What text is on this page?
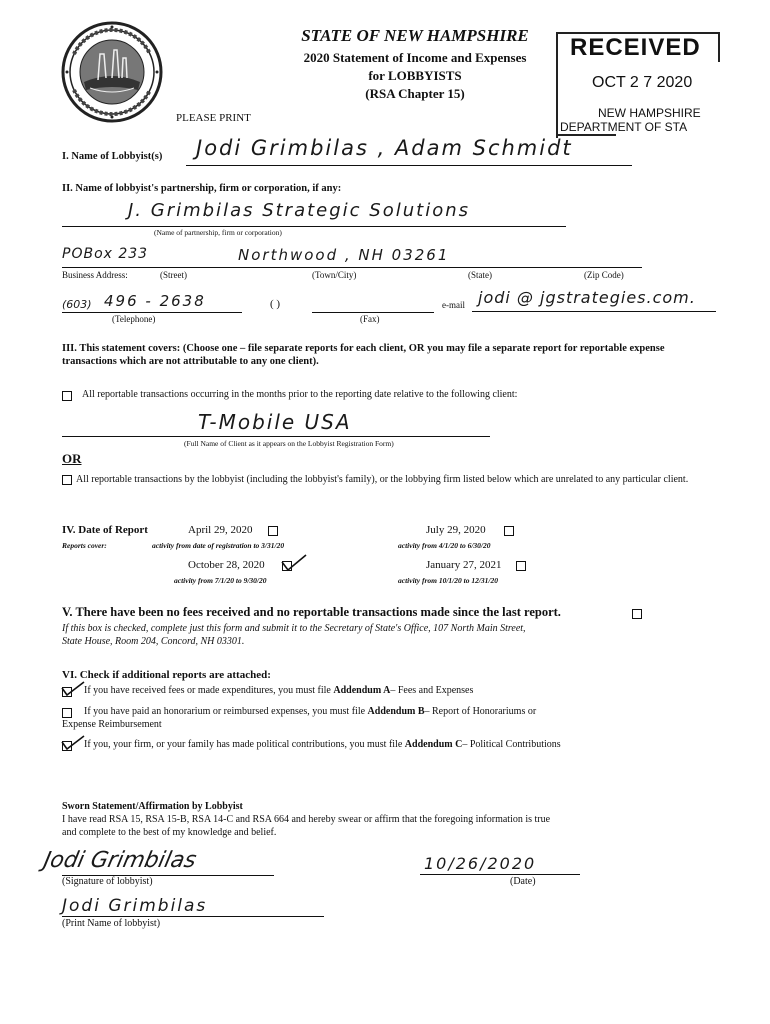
STATE OF NEW HAMPSHIRE
2020 Statement of Income and Expenses
for LOBBYISTS
(RSA Chapter 15)
PLEASE PRINT
RECEIVED
OCT 2 7 2020
NEW HAMPSHIRE
DEPARTMENT OF STA
I. Name of Lobbyist(s) Jodi Grimbilas , Adam Schmidt
II. Name of lobbyist's partnership, firm or corporation, if any:
J. Grimbilas Strategic Solutions
(Name of partnership, firm or corporation)
POBox 233	Northwood , NH 03261
Business Address:	(Street)	(Town/City)	(State)	(Zip Code)
(603) 496 - 2638
(Telephone)
( )
(Fax)
e-mail jodi @ jgstrategies.com.
III. This statement covers: (Choose one – file separate reports for each client, OR you may file a separate report for reportable expense transactions which are not attributable to any one client).
All reportable transactions occurring in the months prior to the reporting date relative to the following client:
T-Mobile USA
(Full Name of Client as it appears on the Lobbyist Registration Form)
OR
All reportable transactions by the lobbyist (including the lobbyist's family), or the lobbying firm listed below which are unrelated to any particular client.
IV. Date of Report
Reports cover:
April 29, 2020
activity from date of registration to 3/31/20
July 29, 2020
activity from 4/1/20 to 6/30/20
October 28, 2020
activity from 7/1/20 to 9/30/20
January 27, 2021
activity from 10/1/20 to 12/31/20
V. There have been no fees received and no reportable transactions made since the last report.
If this box is checked, complete just this form and submit it to the Secretary of State's Office, 107 North Main Street,
State House, Room 204, Concord, NH 03301.
VI. Check if additional reports are attached:
If you have received fees or made expenditures, you must file Addendum A– Fees and Expenses
If you have paid an honorarium or reimbursed expenses, you must file Addendum B– Report of Honorariums or
Expense Reimbursement
If you, your firm, or your family has made political contributions, you must file Addendum C– Political Contributions
Sworn Statement/Affirmation by Lobbyist
I have read RSA 15, RSA 15-B, RSA 14-C and RSA 664 and hereby swear or affirm that the foregoing information is true
and complete to the best of my knowledge and belief.
Jodi Grimbilas
(Signature of lobbyist)
10/26/2020
(Date)
Jodi Grimbilas
(Print Name of lobbyist)
